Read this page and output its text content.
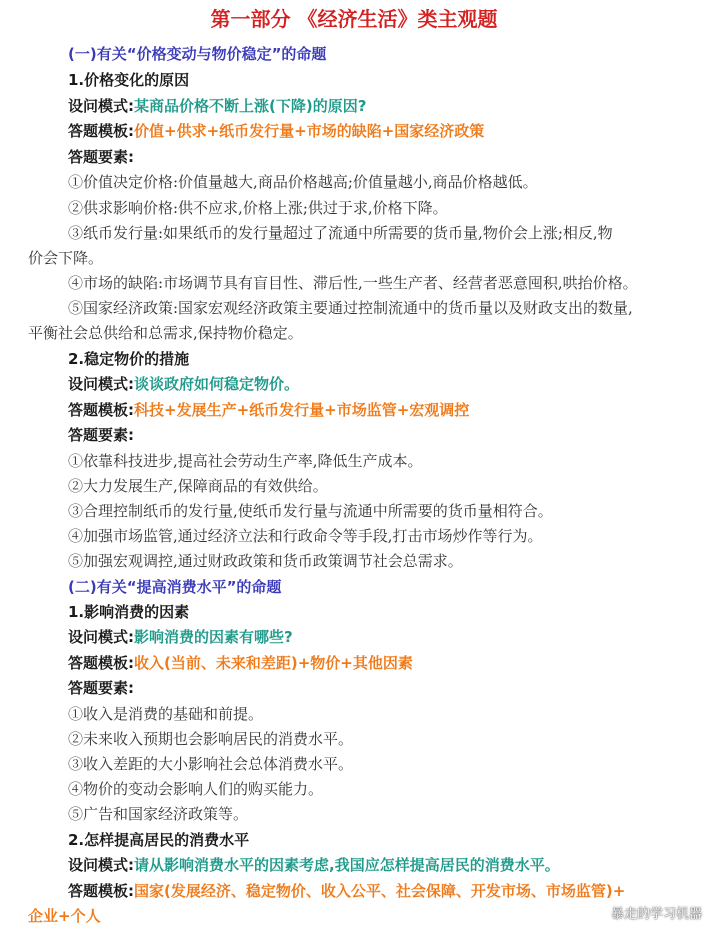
第一部分 《经济生活》类主观题
(一)有关“价格变动与物价稳定”的命题
1.价格变化的原因
设问模式:某商品价格不断上涨(下降)的原因?
答题模板:价值+供求+纸币发行量+市场的缺陷+国家经济政策
答题要素:
①价值决定价格:价值量越大,商品价格越高;价值量越小,商品价格越低。
②供求影响价格:供不应求,价格上涨;供过于求,价格下降。
③纸币发行量:如果纸币的发行量超过了流通中所需要的货币量,物价会上涨;相反,物
价会下降。
④市场的缺陷:市场调节具有盲目性、滞后性,一些生产者、经营者恶意囤积,哄抬价格。
⑤国家经济政策:国家宏观经济政策主要通过控制流通中的货币量以及财政支出的数量,
平衡社会总供给和总需求,保持物价稳定。
2.稳定物价的措施
设问模式:谈谈政府如何稳定物价。
答题模板:科技+发展生产+纸币发行量+市场监管+宏观调控
答题要素:
①依靠科技进步,提高社会劳动生产率,降低生产成本。
②大力发展生产,保障商品的有效供给。
③合理控制纸币的发行量,使纸币发行量与流通中所需要的货币量相符合。
④加强市场监管,通过经济立法和行政命令等手段,打击市场炒作等行为。
⑤加强宏观调控,通过财政政策和货币政策调节社会总需求。
(二)有关“提高消费水平”的命题
1.影响消费的因素
设问模式:影响消费的因素有哪些?
答题模板:收入(当前、未来和差距)+物价+其他因素
答题要素:
①收入是消费的基础和前提。
②未来收入预期也会影响居民的消费水平。
③收入差距的大小影响社会总体消费水平。
④物价的变动会影响人们的购买能力。
⑤广告和国家经济政策等。
2.怎样提高居民的消费水平
设问模式:请从影响消费水平的因素考虑,我国应怎样提高居民的消费水平。
答题模板:国家(发展经济、稳定物价、收入公平、社会保障、开发市场、市场监管)+
企业+个人	暴走的学习机器
